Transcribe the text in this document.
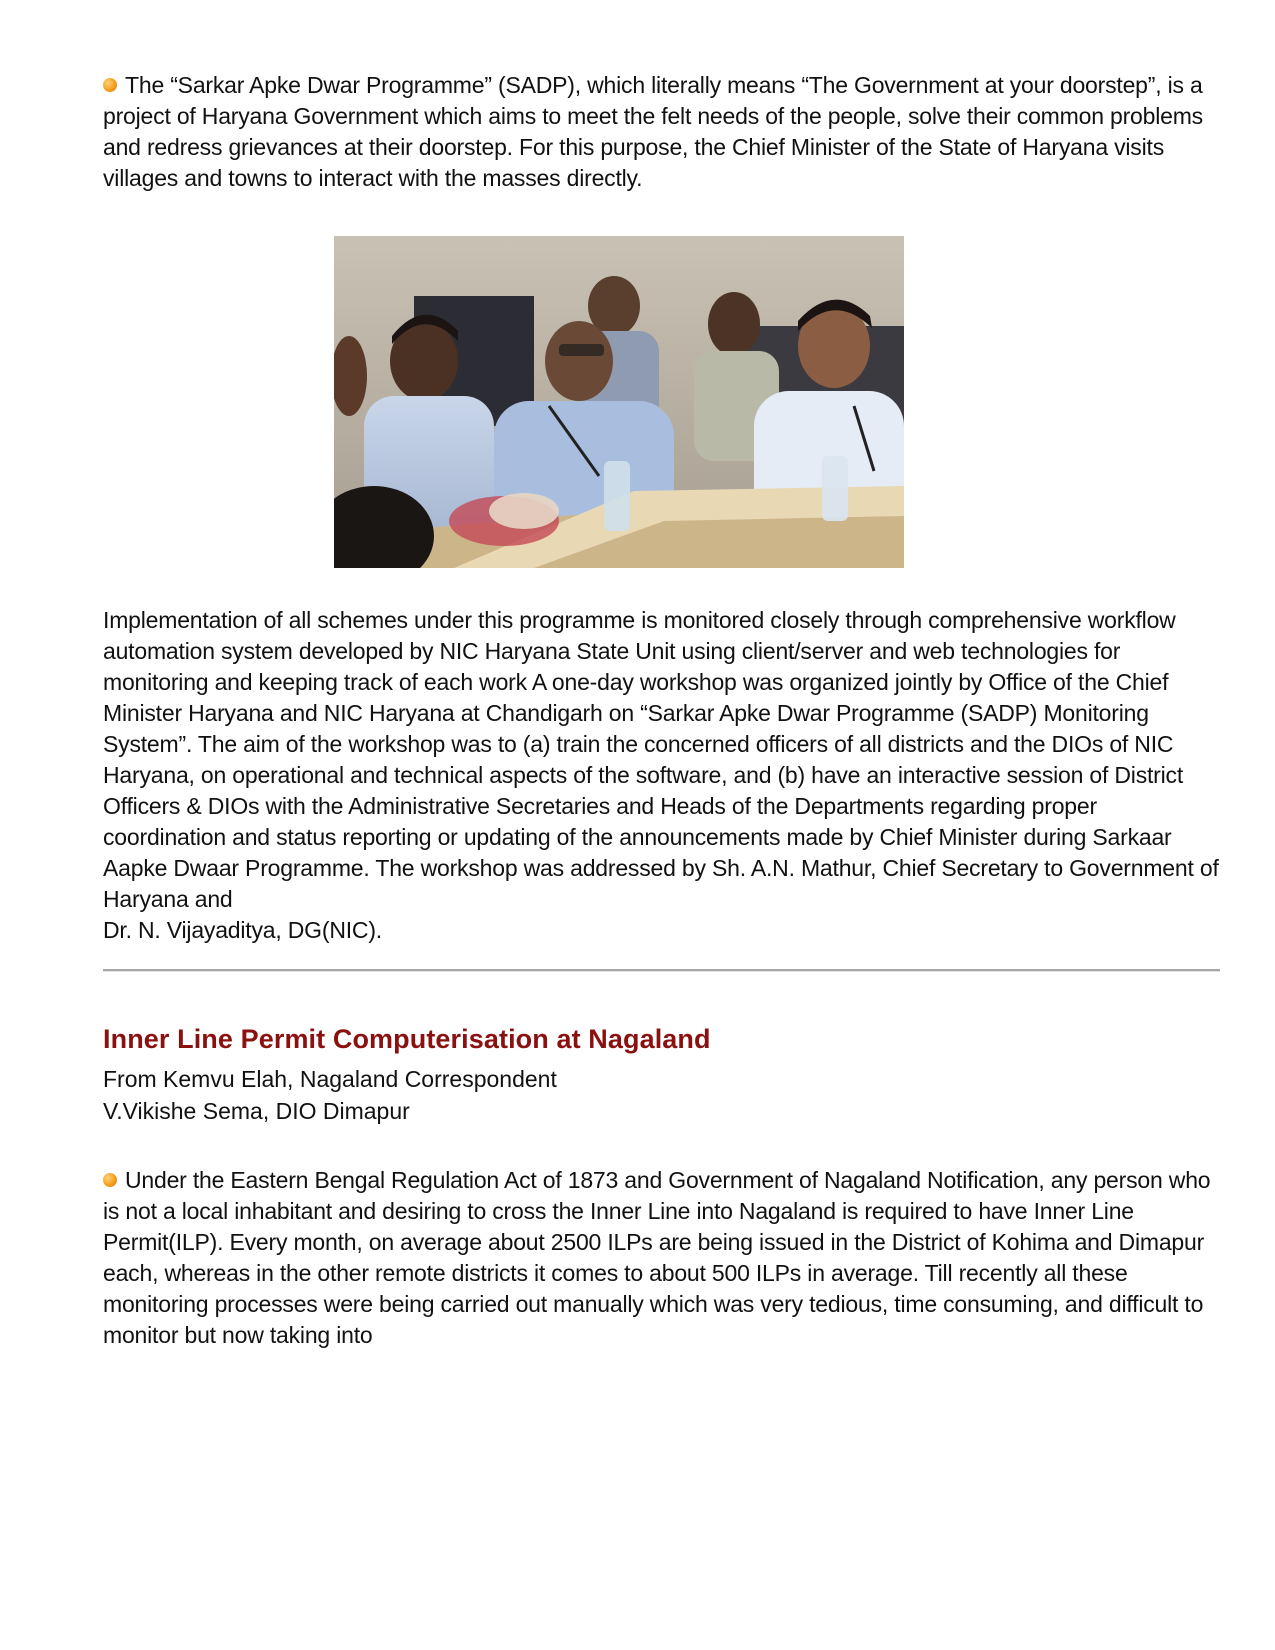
The “Sarkar Apke Dwar Programme” (SADP), which literally means “The Government at your doorstep”, is a project of Haryana Government which aims to meet the felt needs of the people, solve their common problems and redress grievances at their doorstep. For this purpose, the Chief Minister of the State of Haryana visits villages and towns to interact with the masses directly.

Implementation of all schemes under this programme is monitored closely through comprehensive workflow automation system developed by NIC Haryana State Unit using client/server and web technologies for monitoring and keeping track of each work A one-day workshop was organized jointly by Office of the Chief Minister Haryana and NIC Haryana at Chandigarh on “Sarkar Apke Dwar Programme (SADP) Monitoring System”. The aim of the workshop was to (a) train the concerned officers of all districts and the DIOs of NIC Haryana, on operational and technical aspects of the software, and (b) have an interactive session of District Officers & DIOs with the Administrative Secretaries and Heads of the Departments regarding proper coordination and status reporting or updating of the announcements made by Chief Minister during Sarkaar Aapke Dwaar Programme. The workshop was addressed by Sh. A.N. Mathur, Chief Secretary to Government of Haryana and
Dr. N. Vijayaditya, DG(NIC).

Under the Eastern Bengal Regulation Act of 1873 and Government of Nagaland Notification, any person who is not a local inhabitant and desiring to cross the Inner Line into Nagaland is required to have Inner Line Permit(ILP). Every month, on average about 2500 ILPs are being issued in the District of Kohima and Dimapur each, whereas in the other remote districts it comes to about 500 ILPs in average. Till recently all these monitoring processes were being carried out manually which was very tedious, time consuming, and difficult to monitor but now taking into

Inner Line Permit Computerisation at Nagaland
From Kemvu Elah, Nagaland Correspondent
V.Vikishe Sema, DIO Dimapur
